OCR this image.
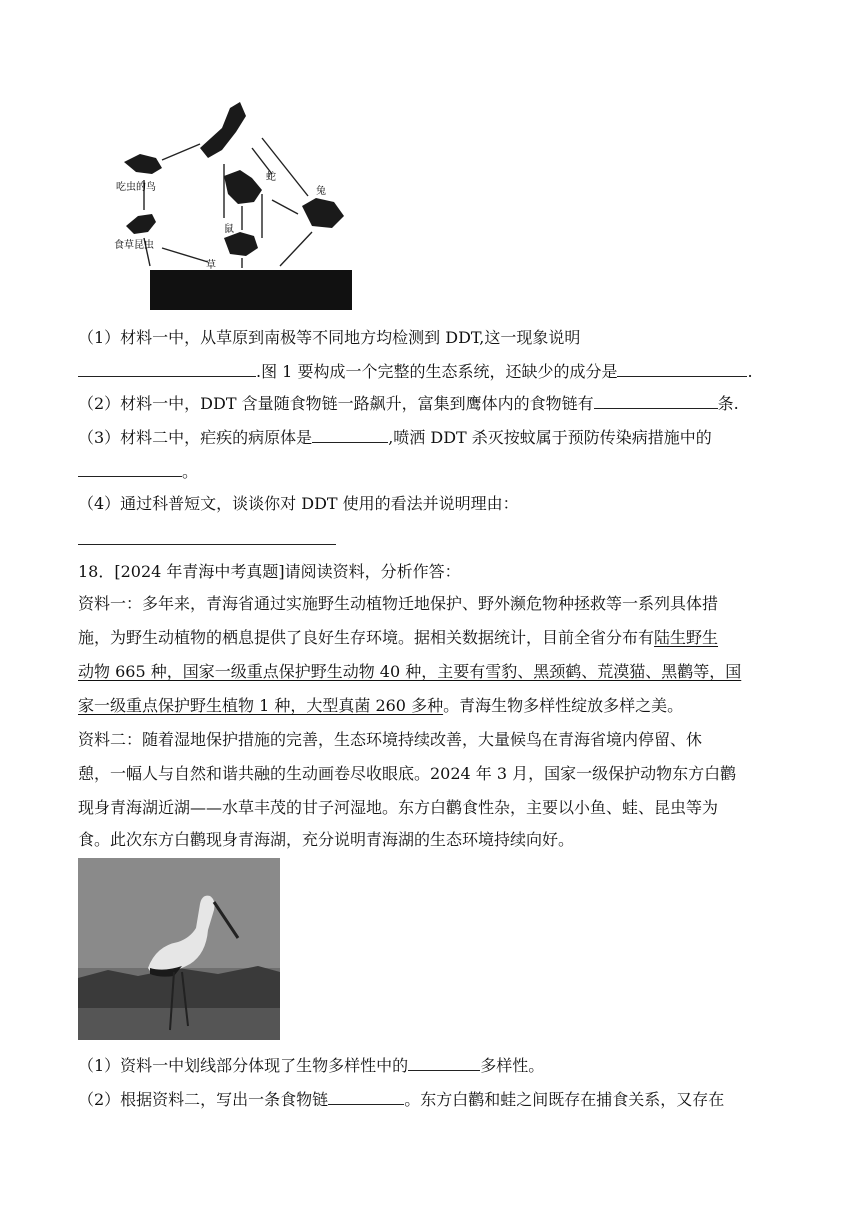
吃虫的鸟
食草昆虫
鼠
蛇
兔
草
（1）材料一中，从草原到南极等不同地方均检测到 DDT,这一现象说明
.图 1 要构成一个完整的生态系统，还缺少的成分是	.
（2）材料一中，DDT 含量随食物链一路飙升，富集到鹰体内的食物链有	条.
（3）材料二中，疟疾的病原体是	,喷洒 DDT 杀灭按蚊属于预防传染病措施中的
。
（4）通过科普短文，谈谈你对 DDT 使用的看法并说明理由：
18．[2024 年青海中考真题]请阅读资料，分析作答：
资料一：多年来，青海省通过实施野生动植物迁地保护、野外濒危物种拯救等一系列具体措
施，为野生动植物的栖息提供了良好生存环境。据相关数据统计，目前全省分布有陆生野生
动物 665 种，国家一级重点保护野生动物 40 种，主要有雪豹、黑颈鹤、荒漠猫、黑鹳等，国
家一级重点保护野生植物 1 种，大型真菌 260 多种。青海生物多样性绽放多样之美。
资料二：随着湿地保护措施的完善，生态环境持续改善，大量候鸟在青海省境内停留、休
憩，一幅人与自然和谐共融的生动画卷尽收眼底。2024 年 3 月，国家一级保护动物东方白鹳
现身青海湖近湖——水草丰茂的甘子河湿地。东方白鹳食性杂，主要以小鱼、蛙、昆虫等为
食。此次东方白鹳现身青海湖，充分说明青海湖的生态环境持续向好。
（1）资料一中划线部分体现了生物多样性中的	多样性。
（2）根据资料二，写出一条食物链	。东方白鹳和蛙之间既存在捕食关系，又存在
